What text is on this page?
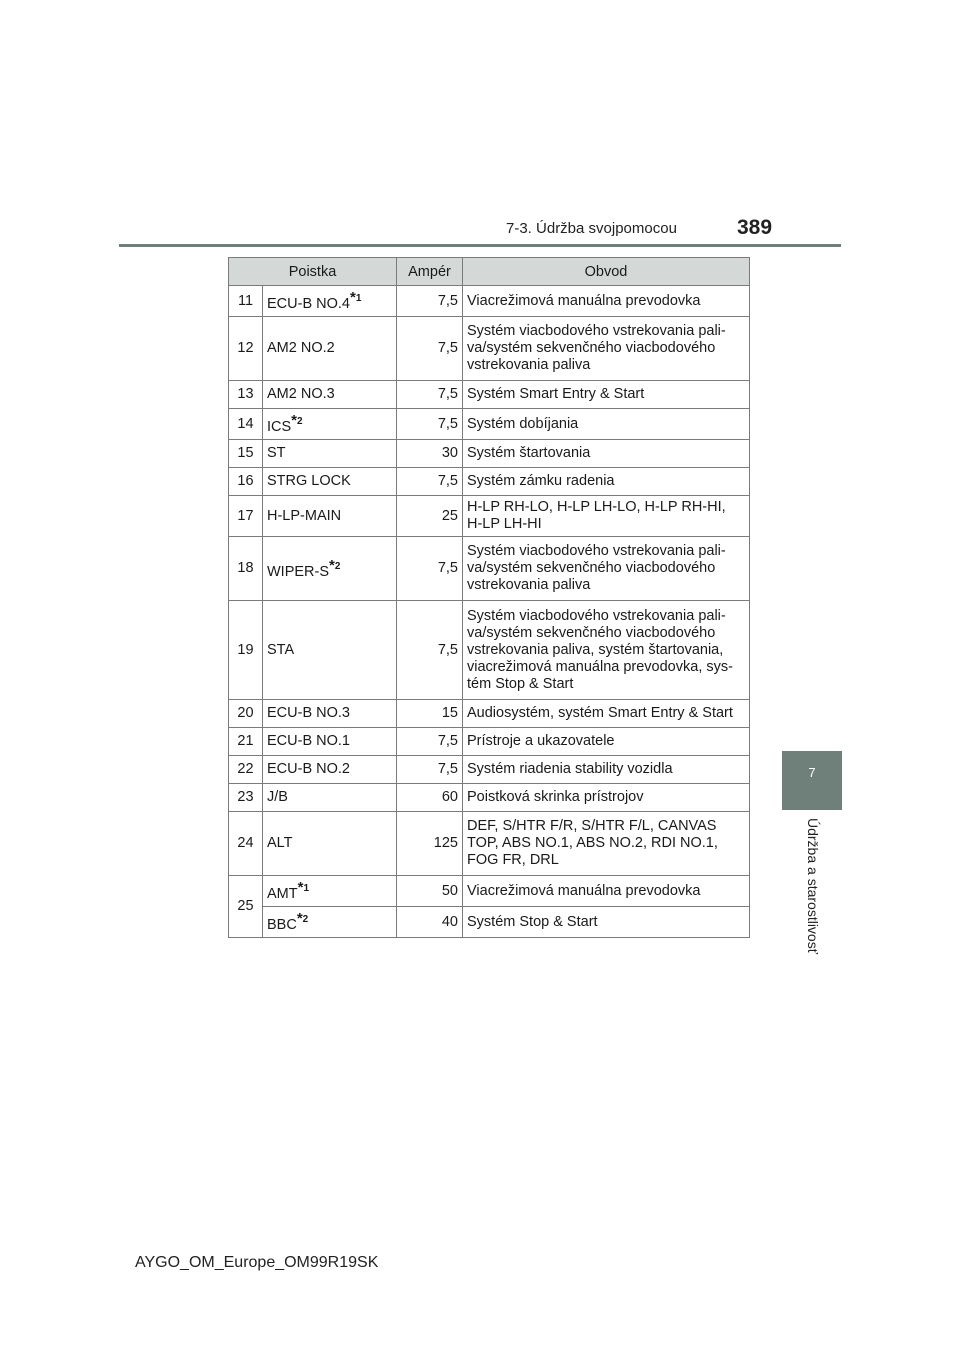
7-3. Údržba svojpomocou	389
7
Údržba a starostlivosť
Poistka		Ampér	Obvod
11	ECU-B NO.4$^{*1}$	7,5	Viacrežimová manuálna prevodovka
12	AM2 NO.2	7,5	Systém viacbodového vstrekovania pali-
va/systém sekvenčného viacbodového
vstrekovania paliva
13	AM2 NO.3	7,5	Systém Smart Entry & Start
14	ICS$^{*2}$	7,5	Systém dobíjania
15	ST	30	Systém štartovania
16	STRG LOCK	7,5	Systém zámku radenia
17	H-LP-MAIN	25	H-LP RH-LO, H-LP LH-LO, H-LP RH-HI,
H-LP LH-HI
18	WIPER-$S^{*2}$	7,5	Systém viacbodového vstrekovania pali-
va/systém sekvenčného viacbodového
vstrekovania paliva
19	STA	7,5	Systém viacbodového vstrekovania pali-
va/systém sekvenčného viacbodového
vstrekovania paliva, systém štartovania,
viacrežimová manuálna prevodovka, sys-
tém Stop & Start
20	ECU-B NO.3	15	Audiosystém, systém Smart Entry & Start
21	ECU-B NO.1	7,5	Prístroje a ukazovatele
22	ECU-B NO.2	7,5	Systém riadenia stability vozidla
23	J/B	60	Poistková skrinka prístrojov
24	ALT	125	DEF, S/HTR F/R, S/HTR F/L, CANVAS
TOP, ABS NO.1, ABS NO.2, RDI NO.1,
FOG FR, DRL
25	AMT$^{*1}$	50	Viacrežimová manuálna prevodovka
	BBC$^{*2}$	40	Systém Stop & Start
AYGO_OM_Europe_OM99R19SK
